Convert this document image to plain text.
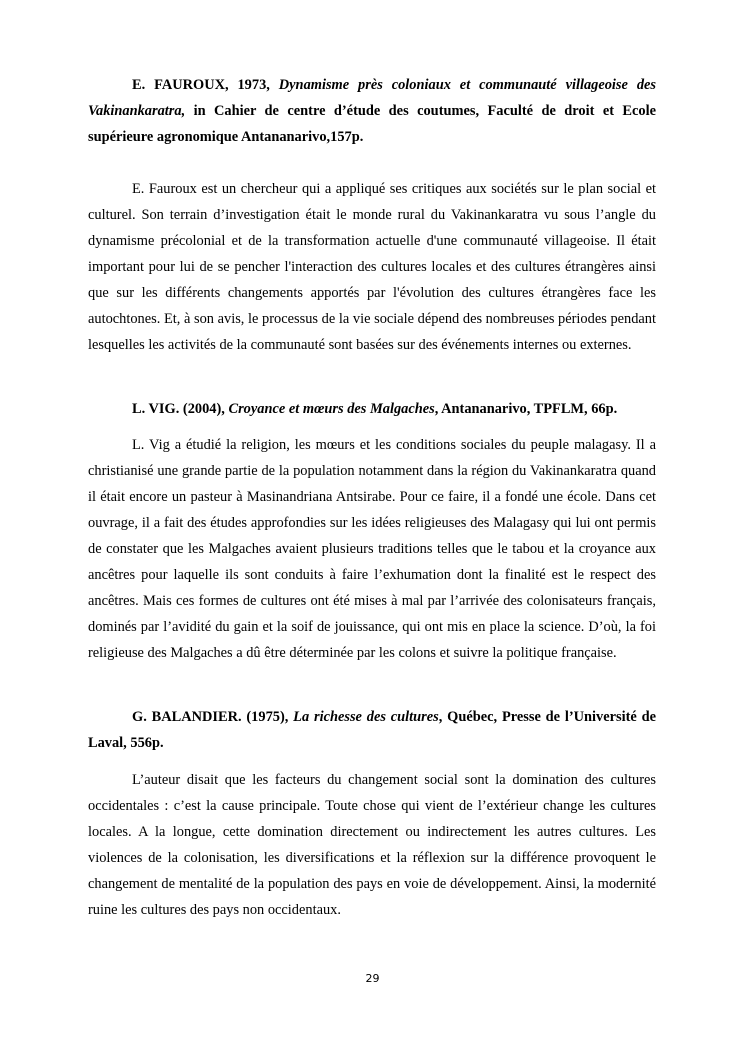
E. FAUROUX, 1973, Dynamisme près coloniaux et communauté villageoise des Vakinankaratra, in Cahier de centre d’étude des coutumes, Faculté de droit et Ecole supérieure agronomique Antananarivo,157p.

E. Fauroux est un chercheur qui a appliqué ses critiques aux sociétés sur le plan social et culturel. Son terrain d’investigation était le monde rural du Vakinankaratra vu sous l’angle du dynamisme précolonial et de la transformation actuelle d'une communauté villageoise. Il était important pour lui de se pencher l'interaction des cultures locales et des cultures étrangères ainsi que sur les différents changements apportés par l'évolution des cultures étrangères face les autochtones. Et, à son avis, le processus de la vie sociale dépend des nombreuses périodes pendant lesquelles les activités de la communauté sont basées sur des événements internes ou externes.

L. VIG. (2004), Croyance et mœurs des Malgaches, Antananarivo, TPFLM, 66p.

L. Vig a étudié la religion, les mœurs et les conditions sociales du peuple malagasy. Il a christianisé une grande partie de la population notamment dans la région du Vakinankaratra quand il était encore un pasteur à Masinandriana Antsirabe. Pour ce faire, il a fondé une école. Dans cet ouvrage, il a fait des études approfondies sur les idées religieuses des Malagasy qui lui ont permis de constater que les Malgaches avaient plusieurs traditions telles que le tabou et la croyance aux ancêtres pour laquelle ils sont conduits à faire l’exhumation dont la finalité est le respect des ancêtres. Mais ces formes de cultures ont été mises à mal par l’arrivée des colonisateurs français, dominés par l’avidité du gain et la soif de jouissance, qui ont mis en place la science. D’où, la foi religieuse des Malgaches a dû être déterminée par les colons et suivre la politique française.

G. BALANDIER. (1975), La richesse des cultures, Québec, Presse de l’Université de Laval, 556p.

L’auteur disait que les facteurs du changement social sont la domination des cultures occidentales : c’est la cause principale. Toute chose qui vient de l’extérieur change les cultures locales. A la longue, cette domination directement ou indirectement les autres cultures. Les violences de la colonisation, les diversifications et la réflexion sur la différence provoquent le changement de mentalité de la population des pays en voie de développement. Ainsi, la modernité ruine les cultures des pays non occidentaux.

29
